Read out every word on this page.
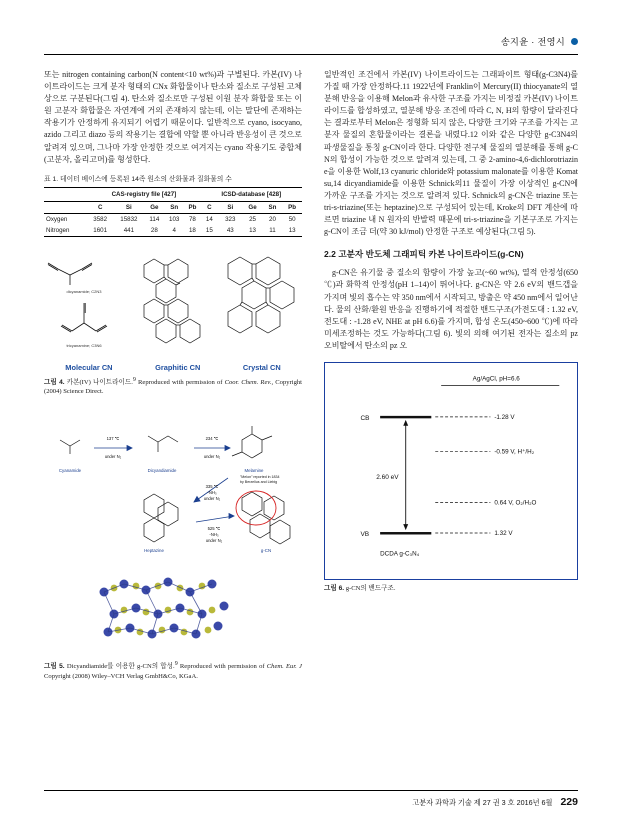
송지윤 · 전영시

또는 nitrogen containing carbon(N content<10 wt%)과 구별된다. 카본(IV) 나이트라이드는 크게 분자 형태의 CNx 화합물이나 탄소와 질소로 구성된 고체상으로 구분된다(그림 4). 탄소와 질소로만 구성된 이원 분자 화합물 또는 이원 고분자 화합물은 자연계에 거의 존재하지 않는데, 이는 말단에 존재하는 작용기가 안정하게 유지되기 어렵기 때문이다. 일반적으로 cyano, isocyano, azido 그리고 diazo 등의 작용기는 결합에 약할 뿐 아니라 반응성이 큰 것으로 알려져 있으며, 그나마 가장 안정한 것으로 여겨지는 cyano 작용기도 중합체(고분자, 올리고머)를 형성한다.

표 1. 데이터 베이스에 등록된 14족 원소의 산화물과 질화물의 수
	CAS-registry file [427]					ICSD-database [428]				
	C	Si	Ge	Sn	Pb	C	Si	Ge	Sn	Pb
Oxygen	3582	15832	114	103	78	14	323	25	20	50
Nitrogen	1601	441	28	4	18	15	43	13	11	13
dicyanamide; C2N3
tricyanamine; C3N6
Molecular CN	Graphitic CN	Crystal CN
그림 4. 카본(IV) 나이트라이드.$^9$ Reproduced with permission of Coor. Chem. Rev., Copyright (2004) Science Direct.
137 ℃
under N₂
234 ℃
under N₂
Cyanamide	Dicyandiamide	Melamine
335 ℃
-NH₃
under N₂
525 ℃
-NH₃
under N₂
Heptazine	g-CN
"Melon" reported in 1834
by Berzelius and Liebig
그림 5. Dicyandiamide를 이용한 g-CN의 합성.$^9$ Reproduced with permission of Chem. Eur. J Copyright (2008) Wiley–VCH Verlag GmbH&Co, KGaA.

일반적인 조건에서 카본(IV) 나이트라이드는 그래파이트 형태(g-C3N4)를 가질 때 가장 안정하다.11 1922년에 Franklin이 Mercury(II) thiocyanate의 열분해 반응을 이용해 Melon과 유사한 구조를 가지는 비정질 카본(IV) 나이트라이드를 합성하였고, 열분해 방응 조건에 따라 C, N, H의 함량이 달라진다는 결과로부터 Melon은 정형화 되지 않은, 다양한 크기와 구조를 가지는 고분자 물질의 혼합물이라는 결론을 내렸다.12 이와 같은 다양한 g-C3N4의 파생물질을 통칭 g-CN이라 한다. 다양한 전구체 물질의 열분해를 통해 g-CN의 합성이 가능한 것으로 알려져 있는데, 그 중 2-amino-4,6-dichlorotriazine을 이용한 Wolf,13 cyanuric chloride와 potassium malonate를 이용한 Komatsu,14 dicyandiamide를 이용한 Schnick의11 물질이 가장 이상적인 g-CN에 가까운 구조를 가지는 것으로 알려져 있다. Schnick의 g-CN은 triazine 또는 tri-s-triazine(또는 heptazine)으로 구성되어 있는데, Kroke의 DFT 계산에 따르면 triazine 내 N 원자의 반발력 때문에 tri-s-triazine을 기본구조로 가지는 g-CN이 조금 더(약 30 kJ/mol) 안정한 구조로 예상된다(그림 5).

2.2 고분자 반도체 그래피틱 카본 나이트라이드(g-CN)

g-CN은 유기물 중 질소의 함량이 가장 높고(~60 wt%), 열적 안정성(650 ℃)과 화학적 안정성(pH 1–14)이 뛰어나다. g-CN은 약 2.6 eV의 밴드갭을 가지며 빛의 흡수는 약 350 nm에서 시작되고, 방출은 약 450 nm에서 일어난다. 물의 산화/환원 반응을 진행하기에 적절한 밴드구조(가전도대 : 1.32 eV, 전도대 : -1.28 eV, NHE at pH 6.6)를 가지며, 합성 온도(450~600 ℃)에 따라 미세조정하는 것도 가능하다(그림 6). 빛의 의해 여기된 전자는 질소의 pz 오비탈에서 탄소의 pz 오

Ag/AgCl, pH=6.6
CB
VB
2.60 eV
-1.28 V
-0.59 V, H⁺/H₂
0.64 V, O₂/H₂O
1.32 V
DCDA g-C₃N₄
그림 6. g-CN의 밴드구조.
고분자 과학과 기술 제 27 권 3 호 2016년 6월 229
